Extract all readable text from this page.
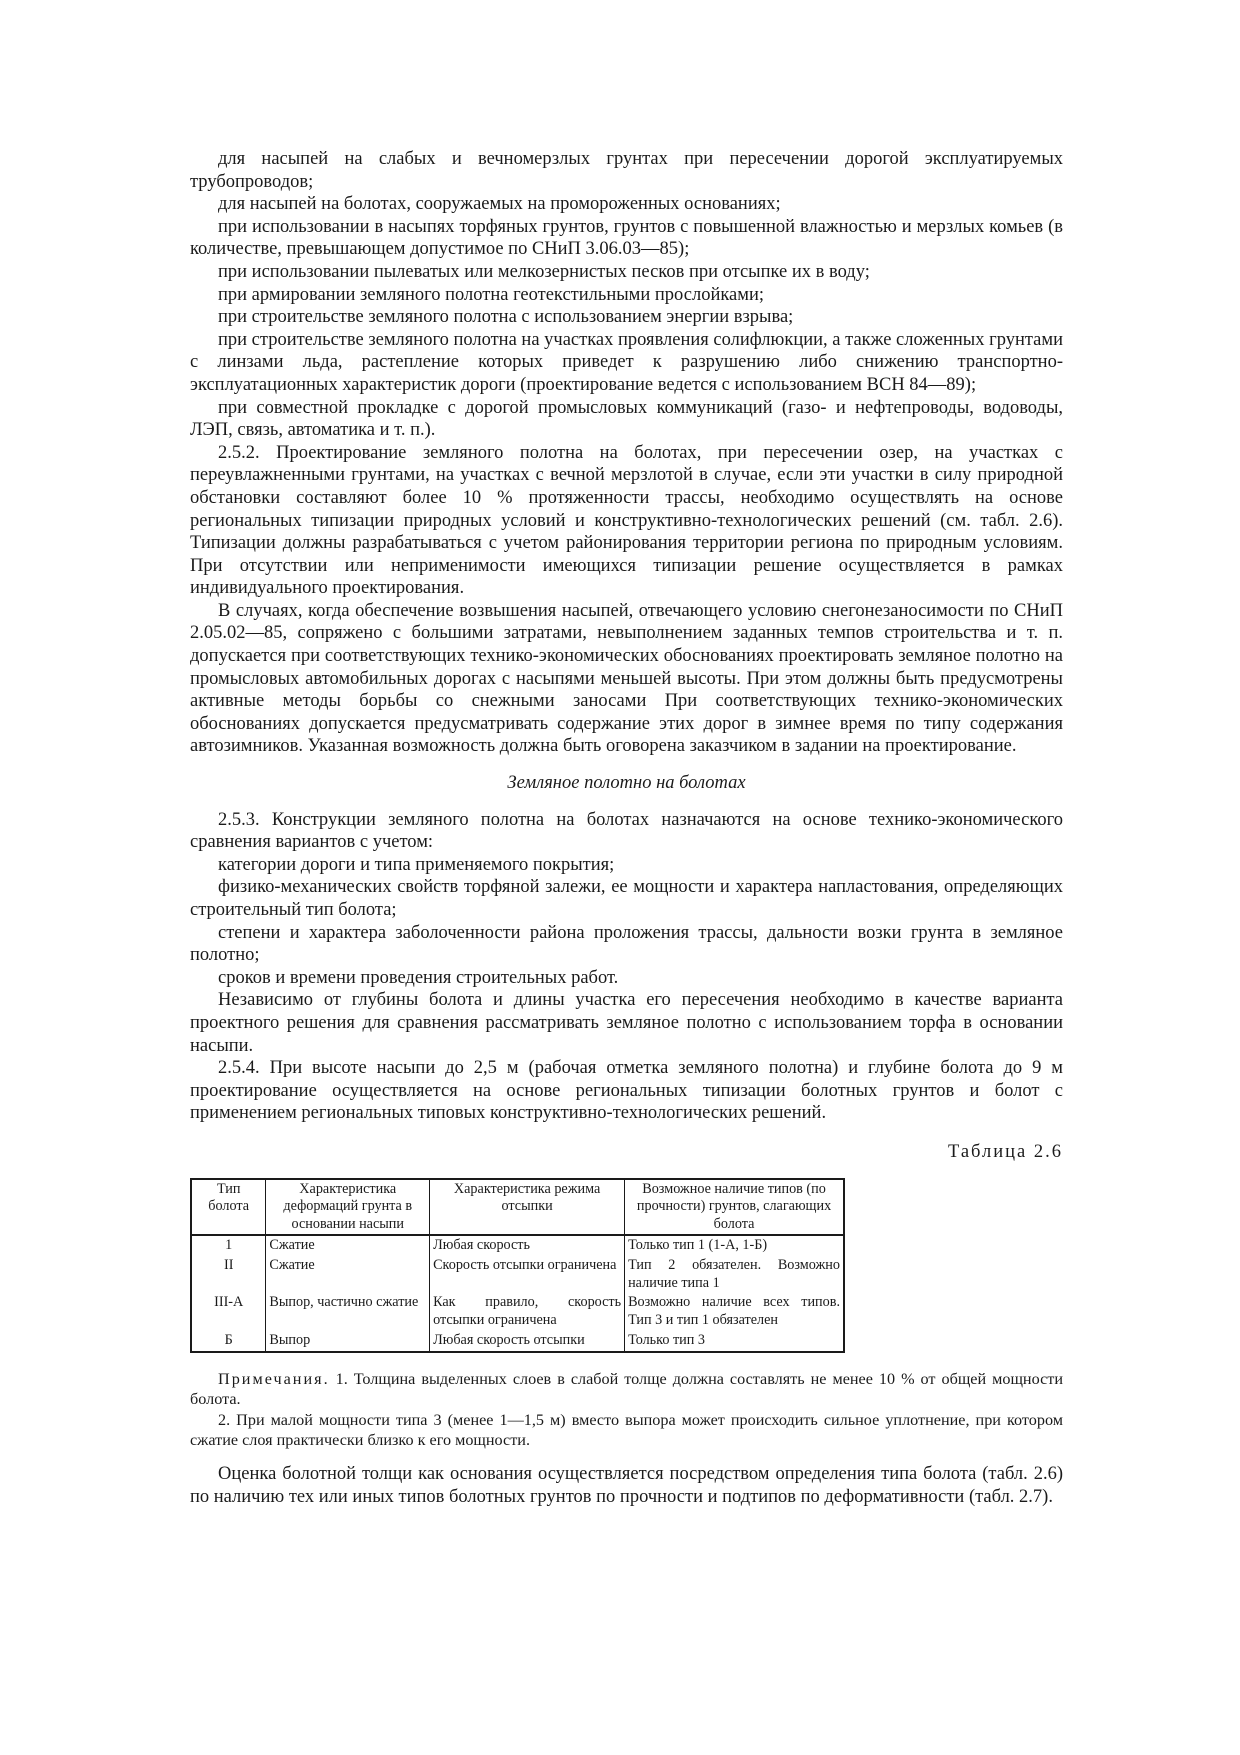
для насыпей на слабых и вечномерзлых грунтах при пересечении дорогой эксплуатируемых трубопроводов;

для насыпей на болотах, сооружаемых на промороженных основаниях;

при использовании в насыпях торфяных грунтов, грунтов с повышенной влажностью и мерзлых комьев (в количестве, превышающем допустимое по СНиП 3.06.03—85);

при использовании пылеватых или мелкозернистых песков при отсыпке их в воду;

при армировании земляного полотна геотекстильными прослойками;

при строительстве земляного полотна с использованием энергии взрыва;

при строительстве земляного полотна на участках проявления солифлюкции, а также сложенных грунтами с линзами льда, растепление которых приведет к разрушению либо снижению транспортно-эксплуатационных характеристик дороги (проектирование ведется с использованием ВСН 84—89);

при совместной прокладке с дорогой промысловых коммуникаций (газо- и нефтепроводы, водоводы, ЛЭП, связь, автоматика и т. п.).

2.5.2. Проектирование земляного полотна на болотах, при пересечении озер, на участках с переувлажненными грунтами, на участках с вечной мерзлотой в случае, если эти участки в силу природной обстановки составляют более 10 % протяженности трассы, необходимо осуществлять на основе региональных типизации природных условий и конструктивно-технологических решений (см. табл. 2.6). Типизации должны разрабатываться с учетом районирования территории региона по природным условиям. При отсутствии или неприменимости имеющихся типизации решение осуществляется в рамках индивидуального проектирования.

В случаях, когда обеспечение возвышения насыпей, отвечающего условию снегонезаносимости по СНиП 2.05.02—85, сопряжено с большими затратами, невыполнением заданных темпов строительства и т. п. допускается при соответствующих технико-экономических обоснованиях проектировать земляное полотно на промысловых автомобильных дорогах с насыпями меньшей высоты. При этом должны быть предусмотрены активные методы борьбы со снежными заносами При соответствующих технико-экономических обоснованиях допускается предусматривать содержание этих дорог в зимнее время по типу содержания автозимников. Указанная возможность должна быть оговорена заказчиком в задании на проектирование.

Земляное полотно на болотах

2.5.3. Конструкции земляного полотна на болотах назначаются на основе технико-экономического сравнения вариантов с учетом:

категории дороги и типа применяемого покрытия;

физико-механических свойств торфяной залежи, ее мощности и характера напластования, определяющих строительный тип болота;

степени и характера заболоченности района проложения трассы, дальности возки грунта в земляное полотно;

сроков и времени проведения строительных работ.

Независимо от глубины болота и длины участка его пересечения необходимо в качестве варианта проектного решения для сравнения рассматривать земляное полотно с использованием торфа в основании насыпи.

2.5.4. При высоте насыпи до 2,5 м (рабочая отметка земляного полотна) и глубине болота до 9 м проектирование осуществляется на основе региональных типизации болотных грунтов и болот с применением региональных типовых конструктивно-технологических решений.

Таблица 2.6
Тип болота	Характеристика деформаций грунта в основании насыпи	Характеристика режима отсыпки	Возможное наличие типов (по прочности) грунтов, слагающих болота
1	Сжатие	Любая скорость	Только тип 1 (1-А, 1-Б)
II	Сжатие	Скорость отсыпки ограничена	Тип 2 обязателен. Возможно наличие типа 1
III-А	Выпор, частично сжатие	Как правило, скорость отсыпки ограничена	Возможно наличие всех типов. Тип 3 и тип 1 обязателен
Б	Выпор	Любая скорость отсыпки	Только тип 3

Примечания. 1. Толщина выделенных слоев в слабой толще должна составлять не менее 10 % от общей мощности болота.

2. При малой мощности типа 3 (менее 1—1,5 м) вместо выпора может происходить сильное уплотнение, при котором сжатие слоя практически близко к его мощности.

Оценка болотной толщи как основания осуществляется посредством определения типа болота (табл. 2.6) по наличию тех или иных типов болотных грунтов по прочности и подтипов по деформативности (табл. 2.7).
